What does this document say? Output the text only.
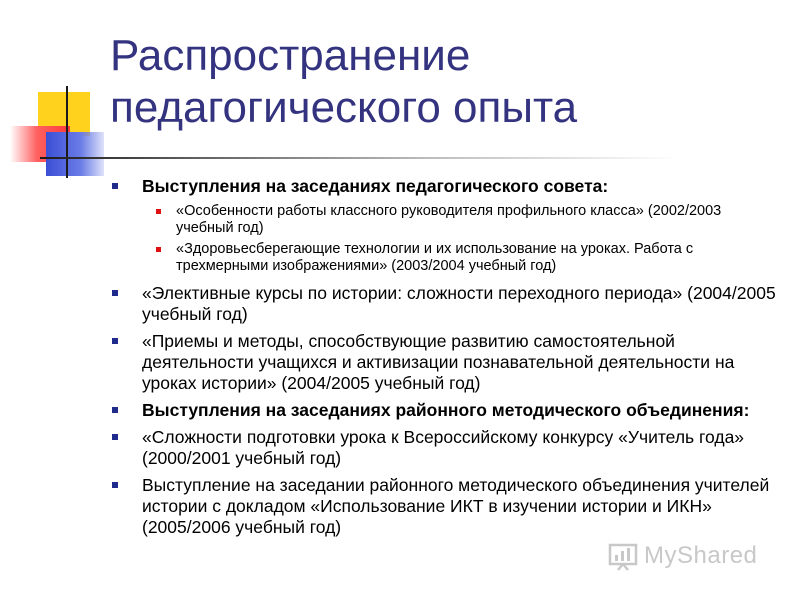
Распространение
педагогического опыта
Выступления на заседаниях педагогического совета:
«Особенности работы классного руководителя профильного класса» (2002/2003 учебный год)
«Здоровьесберегающие технологии и их использование на уроках. Работа с трехмерными изображениями» (2003/2004 учебный год)
«Элективные курсы по истории: сложности переходного периода» (2004/2005 учебный год)
«Приемы и методы, способствующие развитию самостоятельной деятельности учащихся и активизации познавательной деятельности на уроках истории» (2004/2005 учебный год)
Выступления на заседаниях районного методического объединения:
«Сложности подготовки урока к Всероссийскому конкурсу «Учитель года» (2000/2001 учебный год)
Выступление на заседании районного методического объединения учителей истории с докладом «Использование ИКТ в изучении истории и ИКН» (2005/2006 учебный год)
MyShared
